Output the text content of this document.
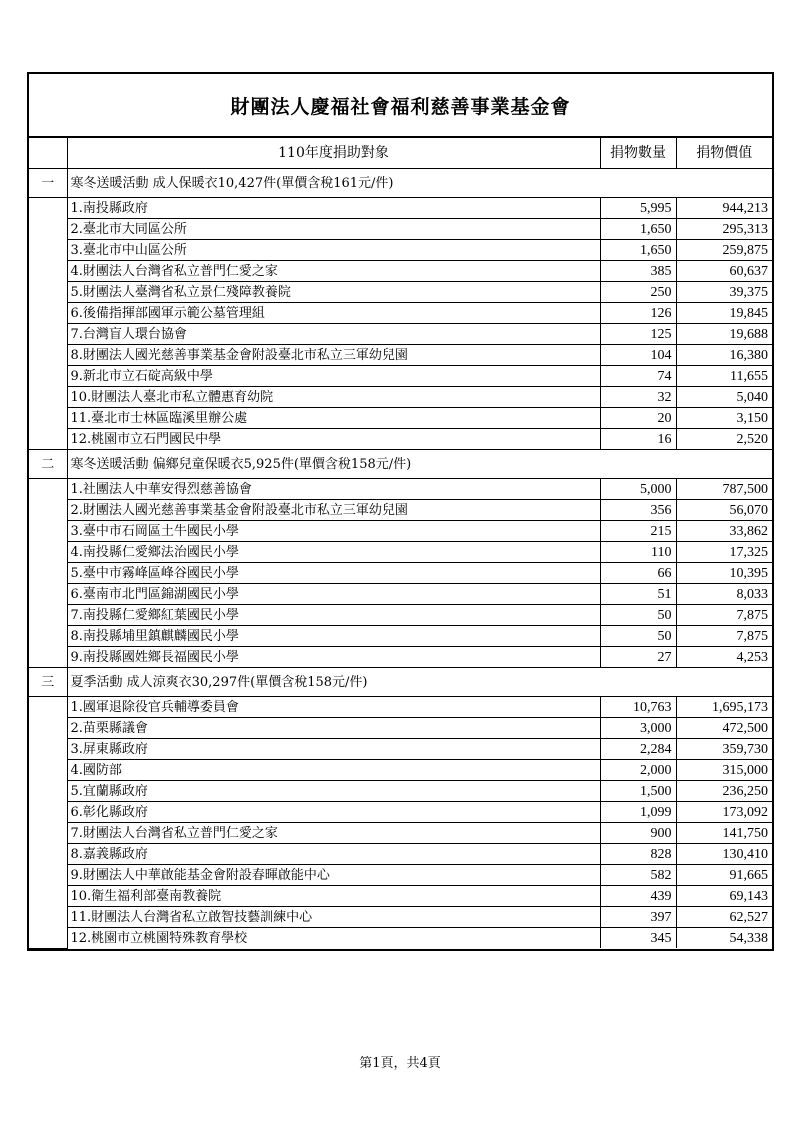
財團法人慶福社會福利慈善事業基金會
	110年度捐助對象	捐物數量	捐物價值
一	寒冬送暖活動 成人保暖衣10,427件(單價含稅161元/件)		
	1.南投縣政府	5,995	944,213
	2.臺北市大同區公所	1,650	295,313
	3.臺北市中山區公所	1,650	259,875
	4.財團法人台灣省私立普門仁愛之家	385	60,637
	5.財團法人臺灣省私立景仁殘障教養院	250	39,375
	6.後備指揮部國軍示範公墓管理組	126	19,845
	7.台灣盲人環台協會	125	19,688
	8.財團法人國光慈善事業基金會附設臺北市私立三軍幼兒園	104	16,380
	9.新北市立石碇高級中學	74	11,655
	10.財團法人臺北市私立體惠育幼院	32	5,040
	11.臺北市士林區臨溪里辦公處	20	3,150
	12.桃園市立石門國民中學	16	2,520
二	寒冬送暖活動 偏鄉兒童保暖衣5,925件(單價含稅158元/件)		
	1.社團法人中華安得烈慈善協會	5,000	787,500
	2.財團法人國光慈善事業基金會附設臺北市私立三軍幼兒園	356	56,070
	3.臺中市石岡區土牛國民小學	215	33,862
	4.南投縣仁愛鄉法治國民小學	110	17,325
	5.臺中市霧峰區峰谷國民小學	66	10,395
	6.臺南市北門區錦湖國民小學	51	8,033
	7.南投縣仁愛鄉紅葉國民小學	50	7,875
	8.南投縣埔里鎮麒麟國民小學	50	7,875
	9.南投縣國姓鄉長福國民小學	27	4,253
三	夏季活動 成人涼爽衣30,297件(單價含稅158元/件)		
	1.國軍退除役官兵輔導委員會	10,763	1,695,173
	2.苗栗縣議會	3,000	472,500
	3.屏東縣政府	2,284	359,730
	4.國防部	2,000	315,000
	5.宜蘭縣政府	1,500	236,250
	6.彰化縣政府	1,099	173,092
	7.財團法人台灣省私立普門仁愛之家	900	141,750
	8.嘉義縣政府	828	130,410
	9.財團法人中華啟能基金會附設春暉啟能中心	582	91,665
	10.衛生福利部臺南教養院	439	69,143
	11.財團法人台灣省私立啟智技藝訓練中心	397	62,527
	12.桃園市立桃園特殊教育學校	345	54,338
第1頁，共4頁
